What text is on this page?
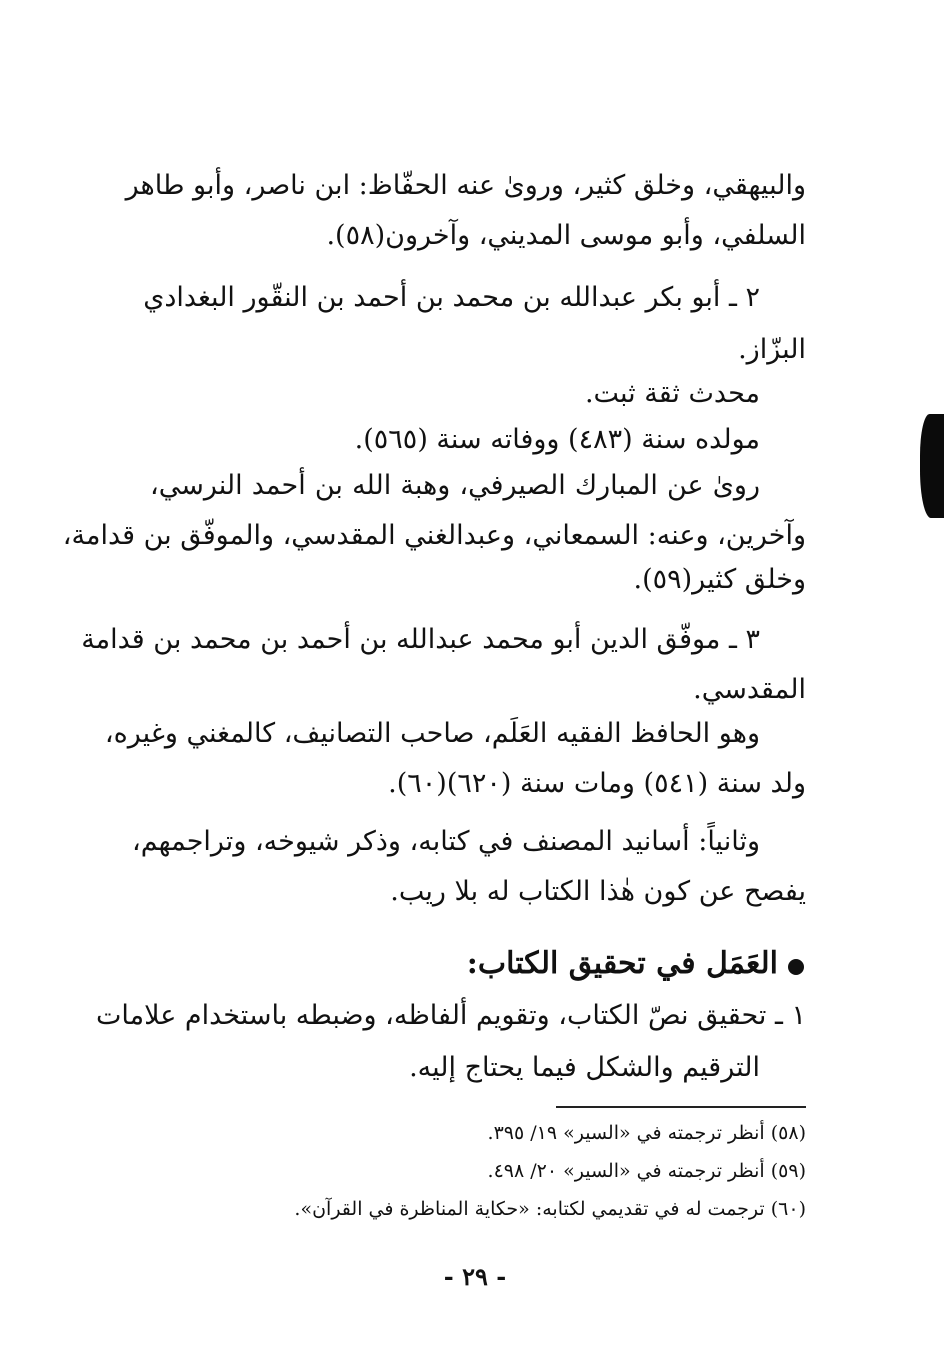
والبيهقي، وخلق كثير، وروىٰ عنه الحفّاظ: ابن ناصر، وأبو طاهر
السلفي، وأبو موسى المديني، وآخرون(٥٨).
٢ ـ أبو بكر عبدالله بن محمد بن أحمد بن النقّور البغدادي
البزّاز.
محدث ثقة ثبت.
مولده سنة (٤٨٣) ووفاته سنة (٥٦٥).
روىٰ عن المبارك الصيرفي، وهبة الله بن أحمد النرسي،
وآخرين، وعنه: السمعاني، وعبدالغني المقدسي، والموفّق بن قدامة،
وخلق كثير(٥٩).
٣ ـ موفّق الدين أبو محمد عبدالله بن أحمد بن محمد بن قدامة
المقدسي.
وهو الحافظ الفقيه العَلَم، صاحب التصانيف، كالمغني وغيره،
ولد سنة (٥٤١) ومات سنة (٦٢٠)(٦٠).
وثانياً: أسانيد المصنف في كتابه، وذكر شيوخه، وتراجمهم،
يفصح عن كون هٰذا الكتاب له بلا ريب.
العَمَل في تحقيق الكتاب:
١ ـ تحقيق نصّ الكتاب، وتقويم ألفاظه، وضبطه باستخدام علامات
الترقيم والشكل فيما يحتاج إليه.
(٥٨) أنظر ترجمته في «السير» ١٩/ ٣٩٥.
(٥٩) أنظر ترجمته في «السير» ٢٠/ ٤٩٨.
(٦٠) ترجمت له في تقديمي لكتابه: «حكاية المناظرة في القرآن».
- ٢٩ -
